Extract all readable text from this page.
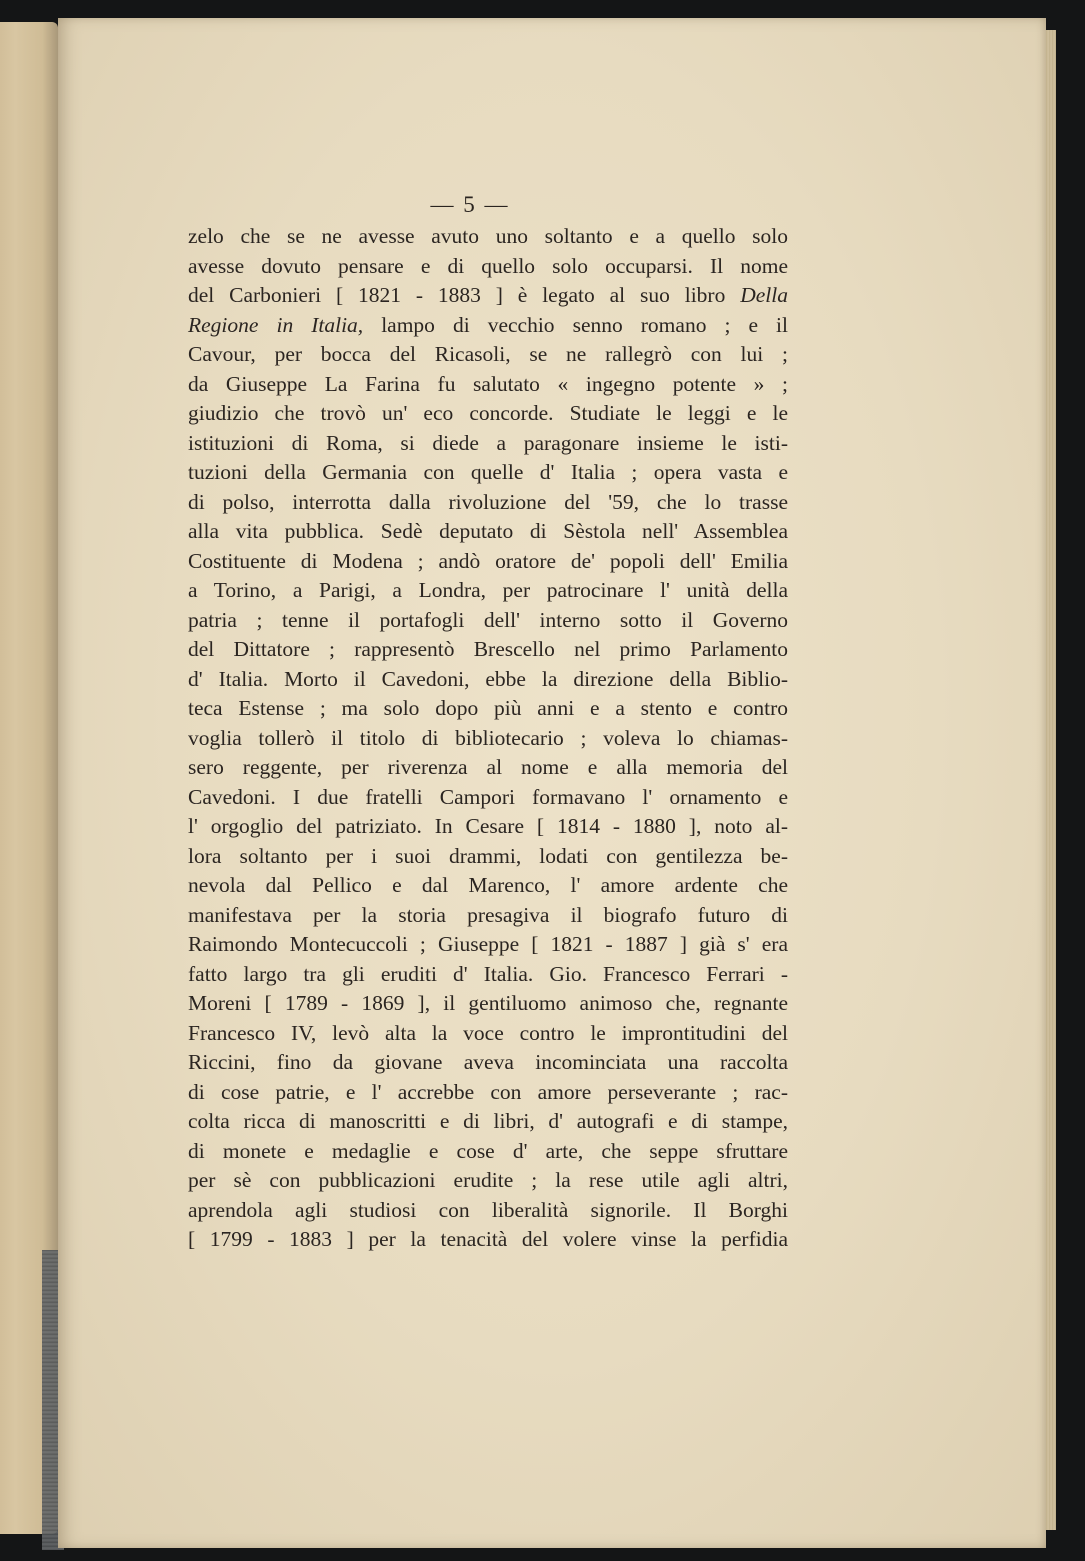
— 5 —
zelo che se ne avesse avuto uno soltanto e a quello solo
avesse dovuto pensare e di quello solo occuparsi. Il nome
del Carbonieri [ 1821 - 1883 ] è legato al suo libro Della
Regione in Italia, lampo di vecchio senno romano ; e il
Cavour, per bocca del Ricasoli, se ne rallegrò con lui ;
da Giuseppe La Farina fu salutato « ingegno potente » ;
giudizio che trovò un' eco concorde. Studiate le leggi e le
istituzioni di Roma, si diede a paragonare insieme le isti-
tuzioni della Germania con quelle d' Italia ; opera vasta e
di polso, interrotta dalla rivoluzione del '59, che lo trasse
alla vita pubblica. Sedè deputato di Sèstola nell' Assemblea
Costituente di Modena ; andò oratore de' popoli dell' Emilia
a Torino, a Parigi, a Londra, per patrocinare l' unità della
patria ; tenne il portafogli dell' interno sotto il Governo
del Dittatore ; rappresentò Brescello nel primo Parlamento
d' Italia. Morto il Cavedoni, ebbe la direzione della Biblio-
teca Estense ; ma solo dopo più anni e a stento e contro
voglia tollerò il titolo di bibliotecario ; voleva lo chiamas-
sero reggente, per riverenza al nome e alla memoria del
Cavedoni. I due fratelli Campori formavano l' ornamento e
l' orgoglio del patriziato. In Cesare [ 1814 - 1880 ], noto al-
lora soltanto per i suoi drammi, lodati con gentilezza be-
nevola dal Pellico e dal Marenco, l' amore ardente che
manifestava per la storia presagiva il biografo futuro di
Raimondo Montecuccoli ; Giuseppe [ 1821 - 1887 ] già s' era
fatto largo tra gli eruditi d' Italia. Gio. Francesco Ferrari -
Moreni [ 1789 - 1869 ], il gentiluomo animoso che, regnante
Francesco IV, levò alta la voce contro le improntitudini del
Riccini, fino da giovane aveva incominciata una raccolta
di cose patrie, e l' accrebbe con amore perseverante ; rac-
colta ricca di manoscritti e di libri, d' autografi e di stampe,
di monete e medaglie e cose d' arte, che seppe sfruttare
per sè con pubblicazioni erudite ; la rese utile agli altri,
aprendola agli studiosi con liberalità signorile. Il Borghi
[ 1799 - 1883 ] per la tenacità del volere vinse la perfidia
